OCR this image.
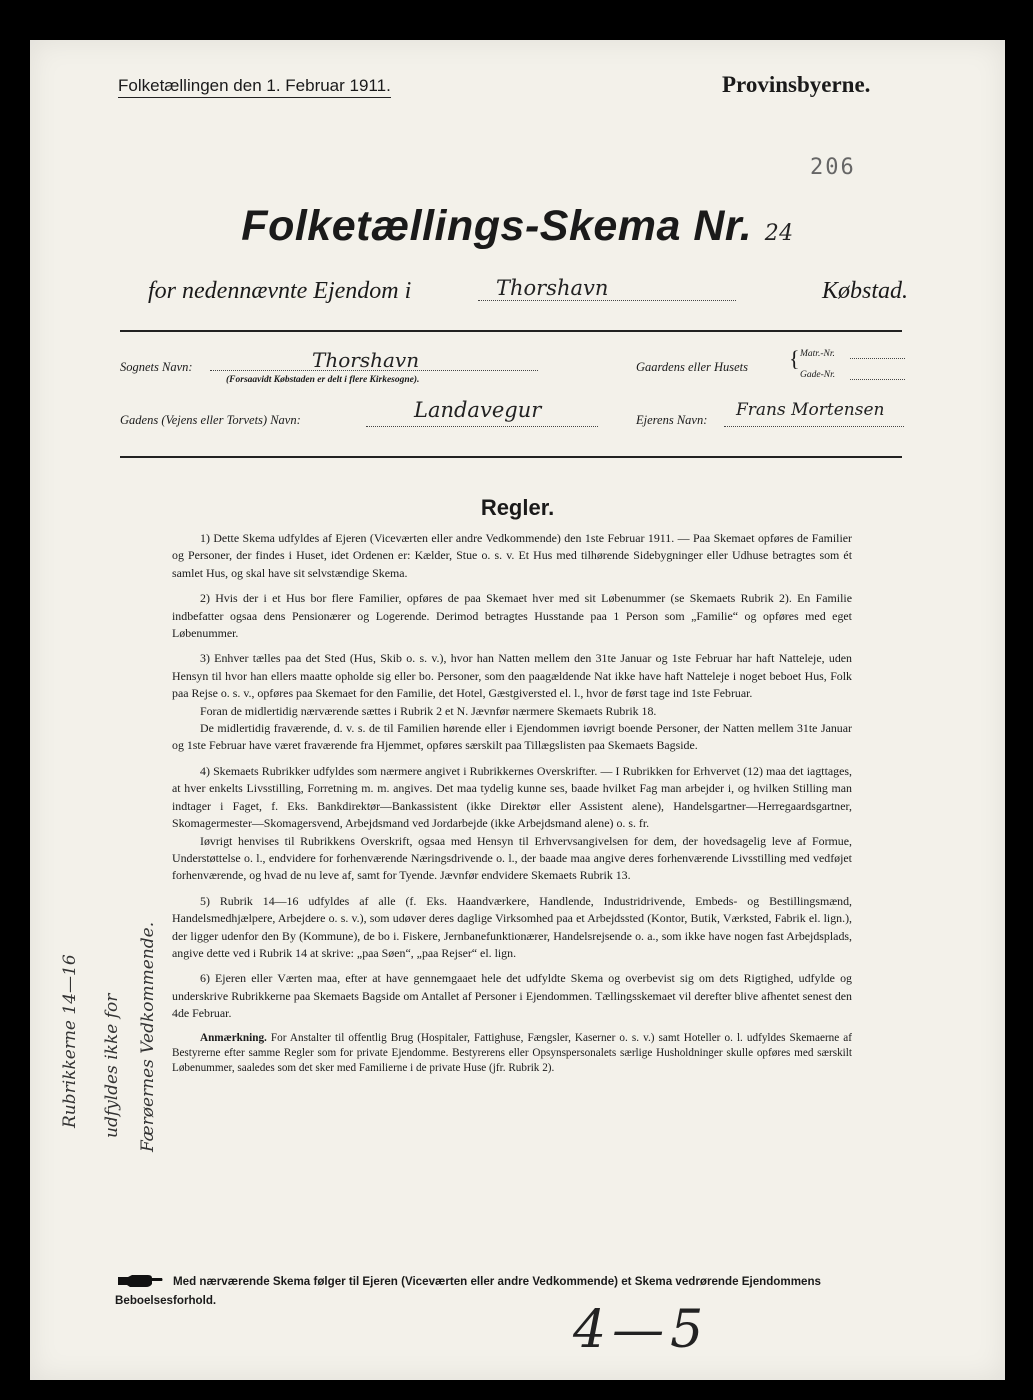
Folketællingen den 1. Februar 1911.	Provinsbyerne.
206
Folketællings-Skema Nr. 24
for nedennævnte Ejendom i	Thorshavn	Købstad.
Sognets Navn:	Thorshavn
(Forsaavidt Købstaden er delt i flere Kirkesogne).
Gaardens eller Husets { Matr.-Nr.
Gade-Nr.
Gadens (Vejens eller Torvets) Navn:	Landavegur	Ejerens Navn: Frans Mortensen
Regler.

1) Dette Skema udfyldes af Ejeren (Viceværten eller andre Vedkommende) den 1ste Februar 1911. — Paa Skemaet opføres de Familier og Personer, der findes i Huset, idet Ordenen er: Kælder, Stue o. s. v. Et Hus med tilhørende Sidebygninger eller Udhuse betragtes som ét samlet Hus, og skal have sit selvstændige Skema.

2) Hvis der i et Hus bor flere Familier, opføres de paa Skemaet hver med sit Løbenummer (se Skemaets Rubrik 2). En Familie indbefatter ogsaa dens Pensionærer og Logerende. Derimod betragtes Husstande paa 1 Person som „Familie“ og opføres med eget Løbenummer.

3) Enhver tælles paa det Sted (Hus, Skib o. s. v.), hvor han Natten mellem den 31te Januar og 1ste Februar har haft Natteleje, uden Hensyn til hvor han ellers maatte opholde sig eller bo. Personer, som den paagældende Nat ikke have haft Natteleje i noget beboet Hus, Folk paa Rejse o. s. v., opføres paa Skemaet for den Familie, det Hotel, Gæstgiversted el. l., hvor de først tage ind 1ste Februar.

Foran de midlertidig nærværende sættes i Rubrik 2 et N. Jævnfør nærmere Skemaets Rubrik 18.

De midlertidig fraværende, d. v. s. de til Familien hørende eller i Ejendommen iøvrigt boende Personer, der Natten mellem 31te Januar og 1ste Februar have været fraværende fra Hjemmet, opføres særskilt paa Tillægslisten paa Skemaets Bagside.

4) Skemaets Rubrikker udfyldes som nærmere angivet i Rubrikkernes Overskrifter. — I Rubrikken for Erhvervet (12) maa det iagttages, at hver enkelts Livsstilling, Forretning m. m. angives. Det maa tydelig kunne ses, baade hvilket Fag man arbejder i, og hvilken Stilling man indtager i Faget, f. Eks. Bankdirektør—Bankassistent (ikke Direktør eller Assistent alene), Handelsgartner—Herregaardsgartner, Skomagermester—Skomagersvend, Arbejdsmand ved Jordarbejde (ikke Arbejdsmand alene) o. s. fr.

Iøvrigt henvises til Rubrikkens Overskrift, ogsaa med Hensyn til Erhvervsangivelsen for dem, der hovedsagelig leve af Formue, Understøttelse o. l., endvidere for forhenværende Næringsdrivende o. l., der baade maa angive deres forhenværende Livsstilling med vedføjet forhenværende, og hvad de nu leve af, samt for Tyende. Jævnfør endvidere Skemaets Rubrik 13.

5) Rubrik 14—16 udfyldes af alle (f. Eks. Haandværkere, Handlende, Industridrivende, Embeds- og Bestillingsmænd, Handelsmedhjælpere, Arbejdere o. s. v.), som udøver deres daglige Virksomhed paa et Arbejdssted (Kontor, Butik, Værksted, Fabrik el. lign.), der ligger udenfor den By (Kommune), de bo i. Fiskere, Jernbanefunktionærer, Handelsrejsende o. a., som ikke have nogen fast Arbejdsplads, angive dette ved i Rubrik 14 at skrive: „paa Søen“, „paa Rejser“ el. lign.

6) Ejeren eller Værten maa, efter at have gennemgaaet hele det udfyldte Skema og overbevist sig om dets Rigtighed, udfylde og underskrive Rubrikkerne paa Skemaets Bagside om Antallet af Personer i Ejendommen. Tællingsskemaet vil derefter blive afhentet senest den 4de Februar.

Anmærkning. For Anstalter til offentlig Brug (Hospitaler, Fattighuse, Fængsler, Kaserner o. s. v.) samt Hoteller o. l. udfyldes Skemaerne af Bestyrerne efter samme Regler som for private Ejendomme. Bestyrerens eller Opsynspersonalets særlige Husholdninger skulle opføres med særskilt Løbenummer, saaledes som det sker med Familierne i de private Huse (jfr. Rubrik 2).

Rubrikkerne 14—16 udfyldes ikke for Færøernes Vedkommende.
Med nærværende Skema følger til Ejeren (Viceværten eller andre Vedkommende) et Skema vedrørende Ejendommens Beboelsesforhold.	4—5
